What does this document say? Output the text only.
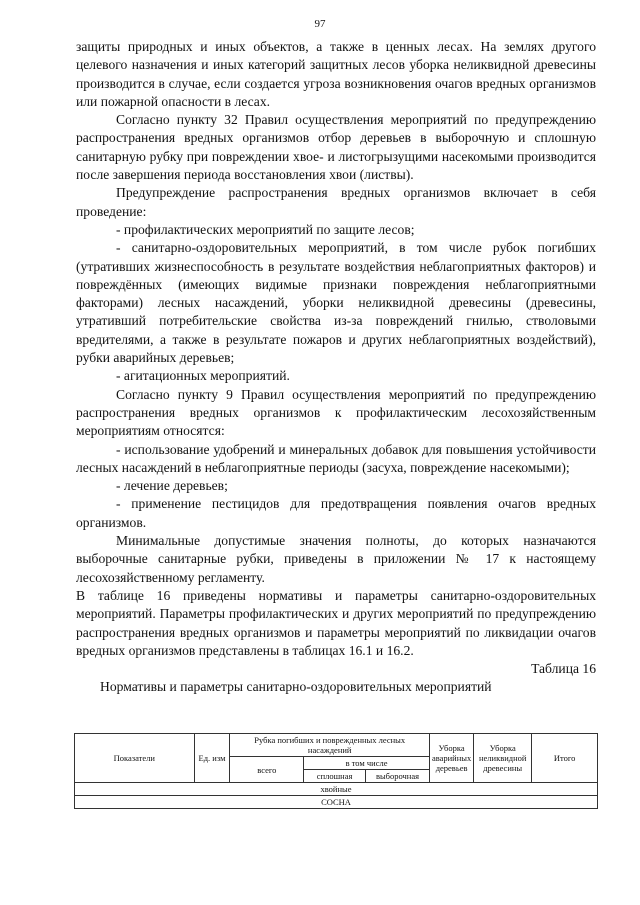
97

защиты природных и иных объектов, а также в ценных лесах. На землях другого целевого назначения и иных категорий защитных лесов уборка неликвидной древесины производится в случае, если создается угроза возникновения очагов вредных организмов или пожарной опасности в лесах.

Согласно пункту 32 Правил осуществления мероприятий по предупреждению распространения вредных организмов отбор деревьев в выборочную и сплошную санитарную рубку при повреждении хвое- и листогрызущими насекомыми производится после завершения периода восстановления хвои (листвы).

Предупреждение распространения вредных организмов включает в себя проведение:

- профилактических мероприятий по защите лесов;

- санитарно-оздоровительных мероприятий, в том числе рубок погибших (утративших жизнеспособность в результате воздействия неблагоприятных факторов) и повреждённых (имеющих видимые признаки повреждения неблагоприятными факторами) лесных насаждений, уборки неликвидной древесины (древесины, утративший потребительские свойства из-за повреждений гнилью, стволовыми вредителями, а также в результате пожаров и других неблагоприятных воздействий), рубки аварийных деревьев;

- агитационных мероприятий.

Согласно пункту 9 Правил осуществления мероприятий по предупреждению распространения вредных организмов к профилактическим лесохозяйственным мероприятиям относятся:

- использование удобрений и минеральных добавок для повышения устойчивости лесных насаждений в неблагоприятные периоды (засуха, повреждение насекомыми);

- лечение деревьев;

- применение пестицидов для предотвращения появления очагов вредных организмов.

Минимальные допустимые значения полноты, до которых назначаются выборочные санитарные рубки, приведены в приложении № 17 к настоящему лесохозяйственному регламенту.

В таблице 16 приведены нормативы и параметры санитарно-оздоровительных мероприятий. Параметры профилактических и других мероприятий по предупреждению распространения вредных организмов и параметры мероприятий по ликвидации очагов вредных организмов представлены в таблицах 16.1 и 16.2.

Таблица 16

Нормативы и параметры санитарно-оздоровительных мероприятий

Показатели	Ед. изм	Рубка погибших и поврежденных лесных насаждений			Уборка аварийных деревьев	Уборка неликвидной древесины	Итого
		всего	в том числе				
			сплошная	выборочная			
хвойные							
СОСНА							
